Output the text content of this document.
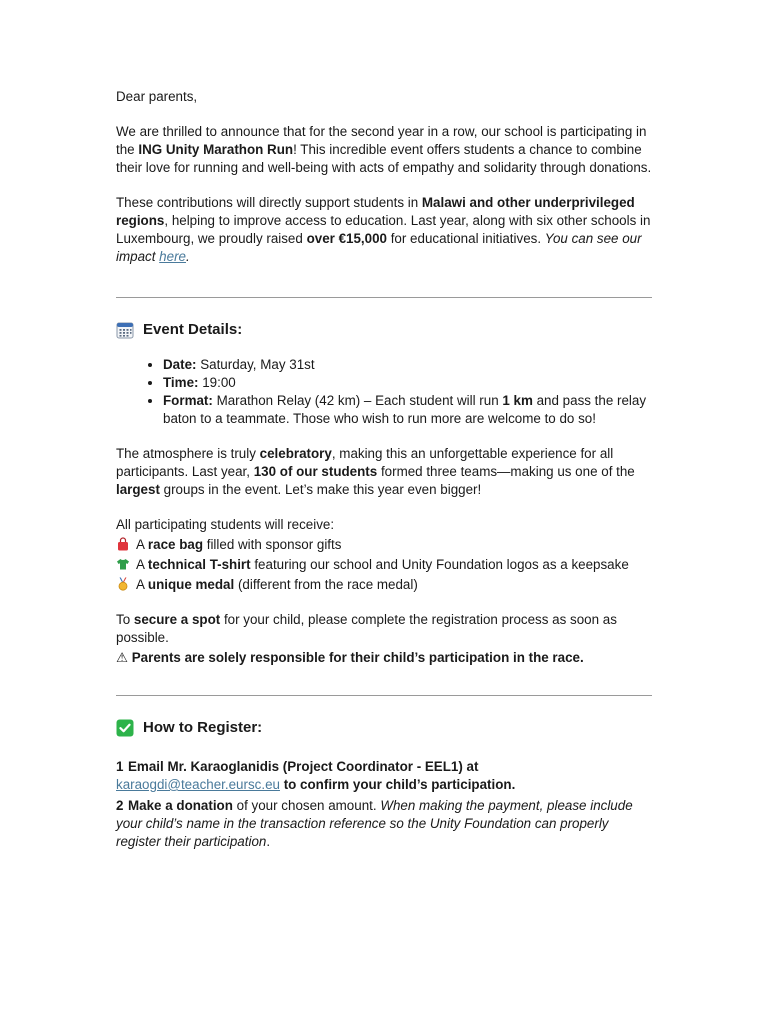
Dear parents,

We are thrilled to announce that for the second year in a row, our school is participating in the ING Unity Marathon Run! This incredible event offers students a chance to combine their love for running and well-being with acts of empathy and solidarity through donations.

These contributions will directly support students in Malawi and other underprivileged regions, helping to improve access to education. Last year, along with six other schools in Luxembourg, we proudly raised over €15,000 for educational initiatives. You can see our impact here.

Event Details:
• Date: Saturday, May 31st
• Time: 19:00
• Format: Marathon Relay (42 km) – Each student will run 1 km and pass the relay baton to a teammate. Those who wish to run more are welcome to do so!

The atmosphere is truly celebratory, making this an unforgettable experience for all participants. Last year, 130 of our students formed three teams—making us one of the largest groups in the event. Let’s make this year even bigger!

All participating students will receive:

A race bag filled with sponsor gifts

A technical T-shirt featuring our school and Unity Foundation logos as a keepsake

A unique medal (different from the race medal)

To secure a spot for your child, please complete the registration process as soon as possible.

⚠ Parents are solely responsible for their child’s participation in the race.

How to Register:

1 Email Mr. Karaoglanidis (Project Coordinator - EEL1) at
karaogdi@teacher.eursc.eu to confirm your child’s participation.

2 Make a donation of your chosen amount. When making the payment, please include your child’s name in the transaction reference so the Unity Foundation can properly register their participation.
